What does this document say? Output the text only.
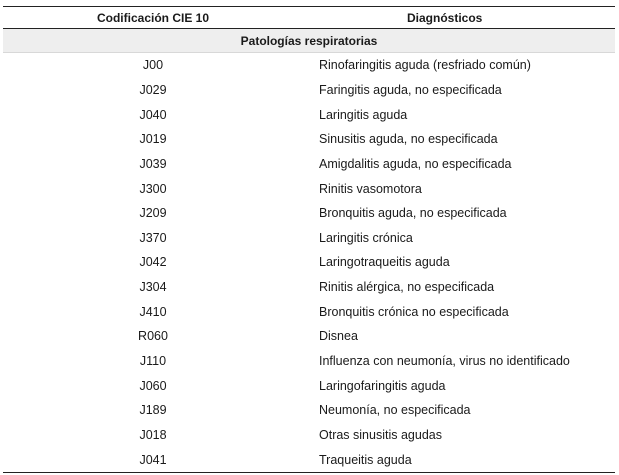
Codificación CIE 10	Diagnósticos
Patologías respiratorias	
J00	Rinofaringitis aguda (resfriado común)
J029	Faringitis aguda, no especificada
J040	Laringitis aguda
J019	Sinusitis aguda, no especificada
J039	Amigdalitis aguda, no especificada
J300	Rinitis vasomotora
J209	Bronquitis aguda, no especificada
J370	Laringitis crónica
J042	Laringotraqueitis aguda
J304	Rinitis alérgica, no especificada
J410	Bronquitis crónica no especificada
R060	Disnea
J110	Influenza con neumonía, virus no identificado
J060	Laringofaringitis aguda
J189	Neumonía, no especificada
J018	Otras sinusitis agudas
J041	Traqueitis aguda
